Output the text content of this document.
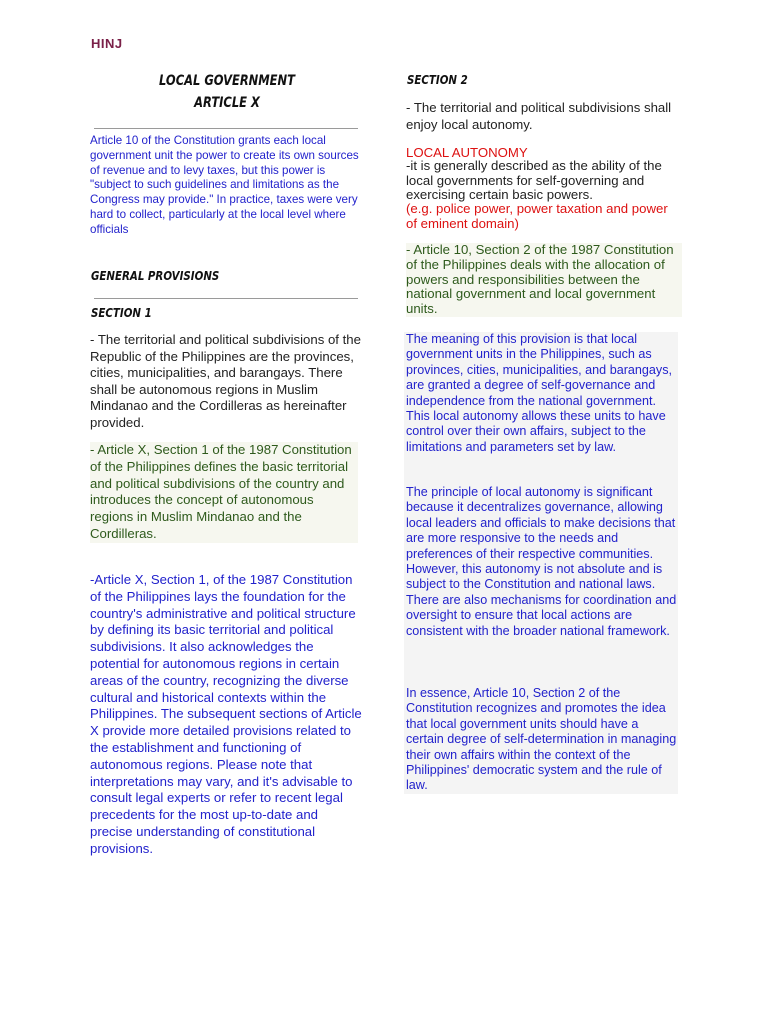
HINJ
LOCAL GOVERNMENT
ARTICLE X
Article 10 of the Constitution grants each local government unit the power to create its own sources of revenue and to levy taxes, but this power is "subject to such guidelines and limitations as the Congress may provide." In practice, taxes were very hard to collect, particularly at the local level where officials
GENERAL PROVISIONS
SECTION 1
- The territorial and political subdivisions of the Republic of the Philippines are the provinces, cities, municipalities, and barangays. There shall be autonomous regions in Muslim Mindanao and the Cordilleras as hereinafter provided.
- Article X, Section 1 of the 1987 Constitution of the Philippines defines the basic territorial and political subdivisions of the country and introduces the concept of autonomous regions in Muslim Mindanao and the Cordilleras.
-Article X, Section 1, of the 1987 Constitution of the Philippines lays the foundation for the country's administrative and political structure by defining its basic territorial and political subdivisions. It also acknowledges the potential for autonomous regions in certain areas of the country, recognizing the diverse cultural and historical contexts within the Philippines. The subsequent sections of Article X provide more detailed provisions related to the establishment and functioning of autonomous regions. Please note that interpretations may vary, and it's advisable to consult legal experts or refer to recent legal precedents for the most up-to-date and precise understanding of constitutional provisions.
SECTION 2
- The territorial and political subdivisions shall enjoy local autonomy.
LOCAL AUTONOMY
-it is generally described as the ability of the local governments for self-governing and exercising certain basic powers.
(e.g. police power, power taxation and power of eminent domain)
- Article 10, Section 2 of the 1987 Constitution of the Philippines deals with the allocation of powers and responsibilities between the national government and local government units.
The meaning of this provision is that local government units in the Philippines, such as provinces, cities, municipalities, and barangays, are granted a degree of self-governance and independence from the national government. This local autonomy allows these units to have control over their own affairs, subject to the limitations and parameters set by law.
The principle of local autonomy is significant because it decentralizes governance, allowing local leaders and officials to make decisions that are more responsive to the needs and preferences of their respective communities. However, this autonomy is not absolute and is subject to the Constitution and national laws. There are also mechanisms for coordination and oversight to ensure that local actions are consistent with the broader national framework.
In essence, Article 10, Section 2 of the Constitution recognizes and promotes the idea that local government units should have a certain degree of self-determination in managing their own affairs within the context of the Philippines' democratic system and the rule of law.
